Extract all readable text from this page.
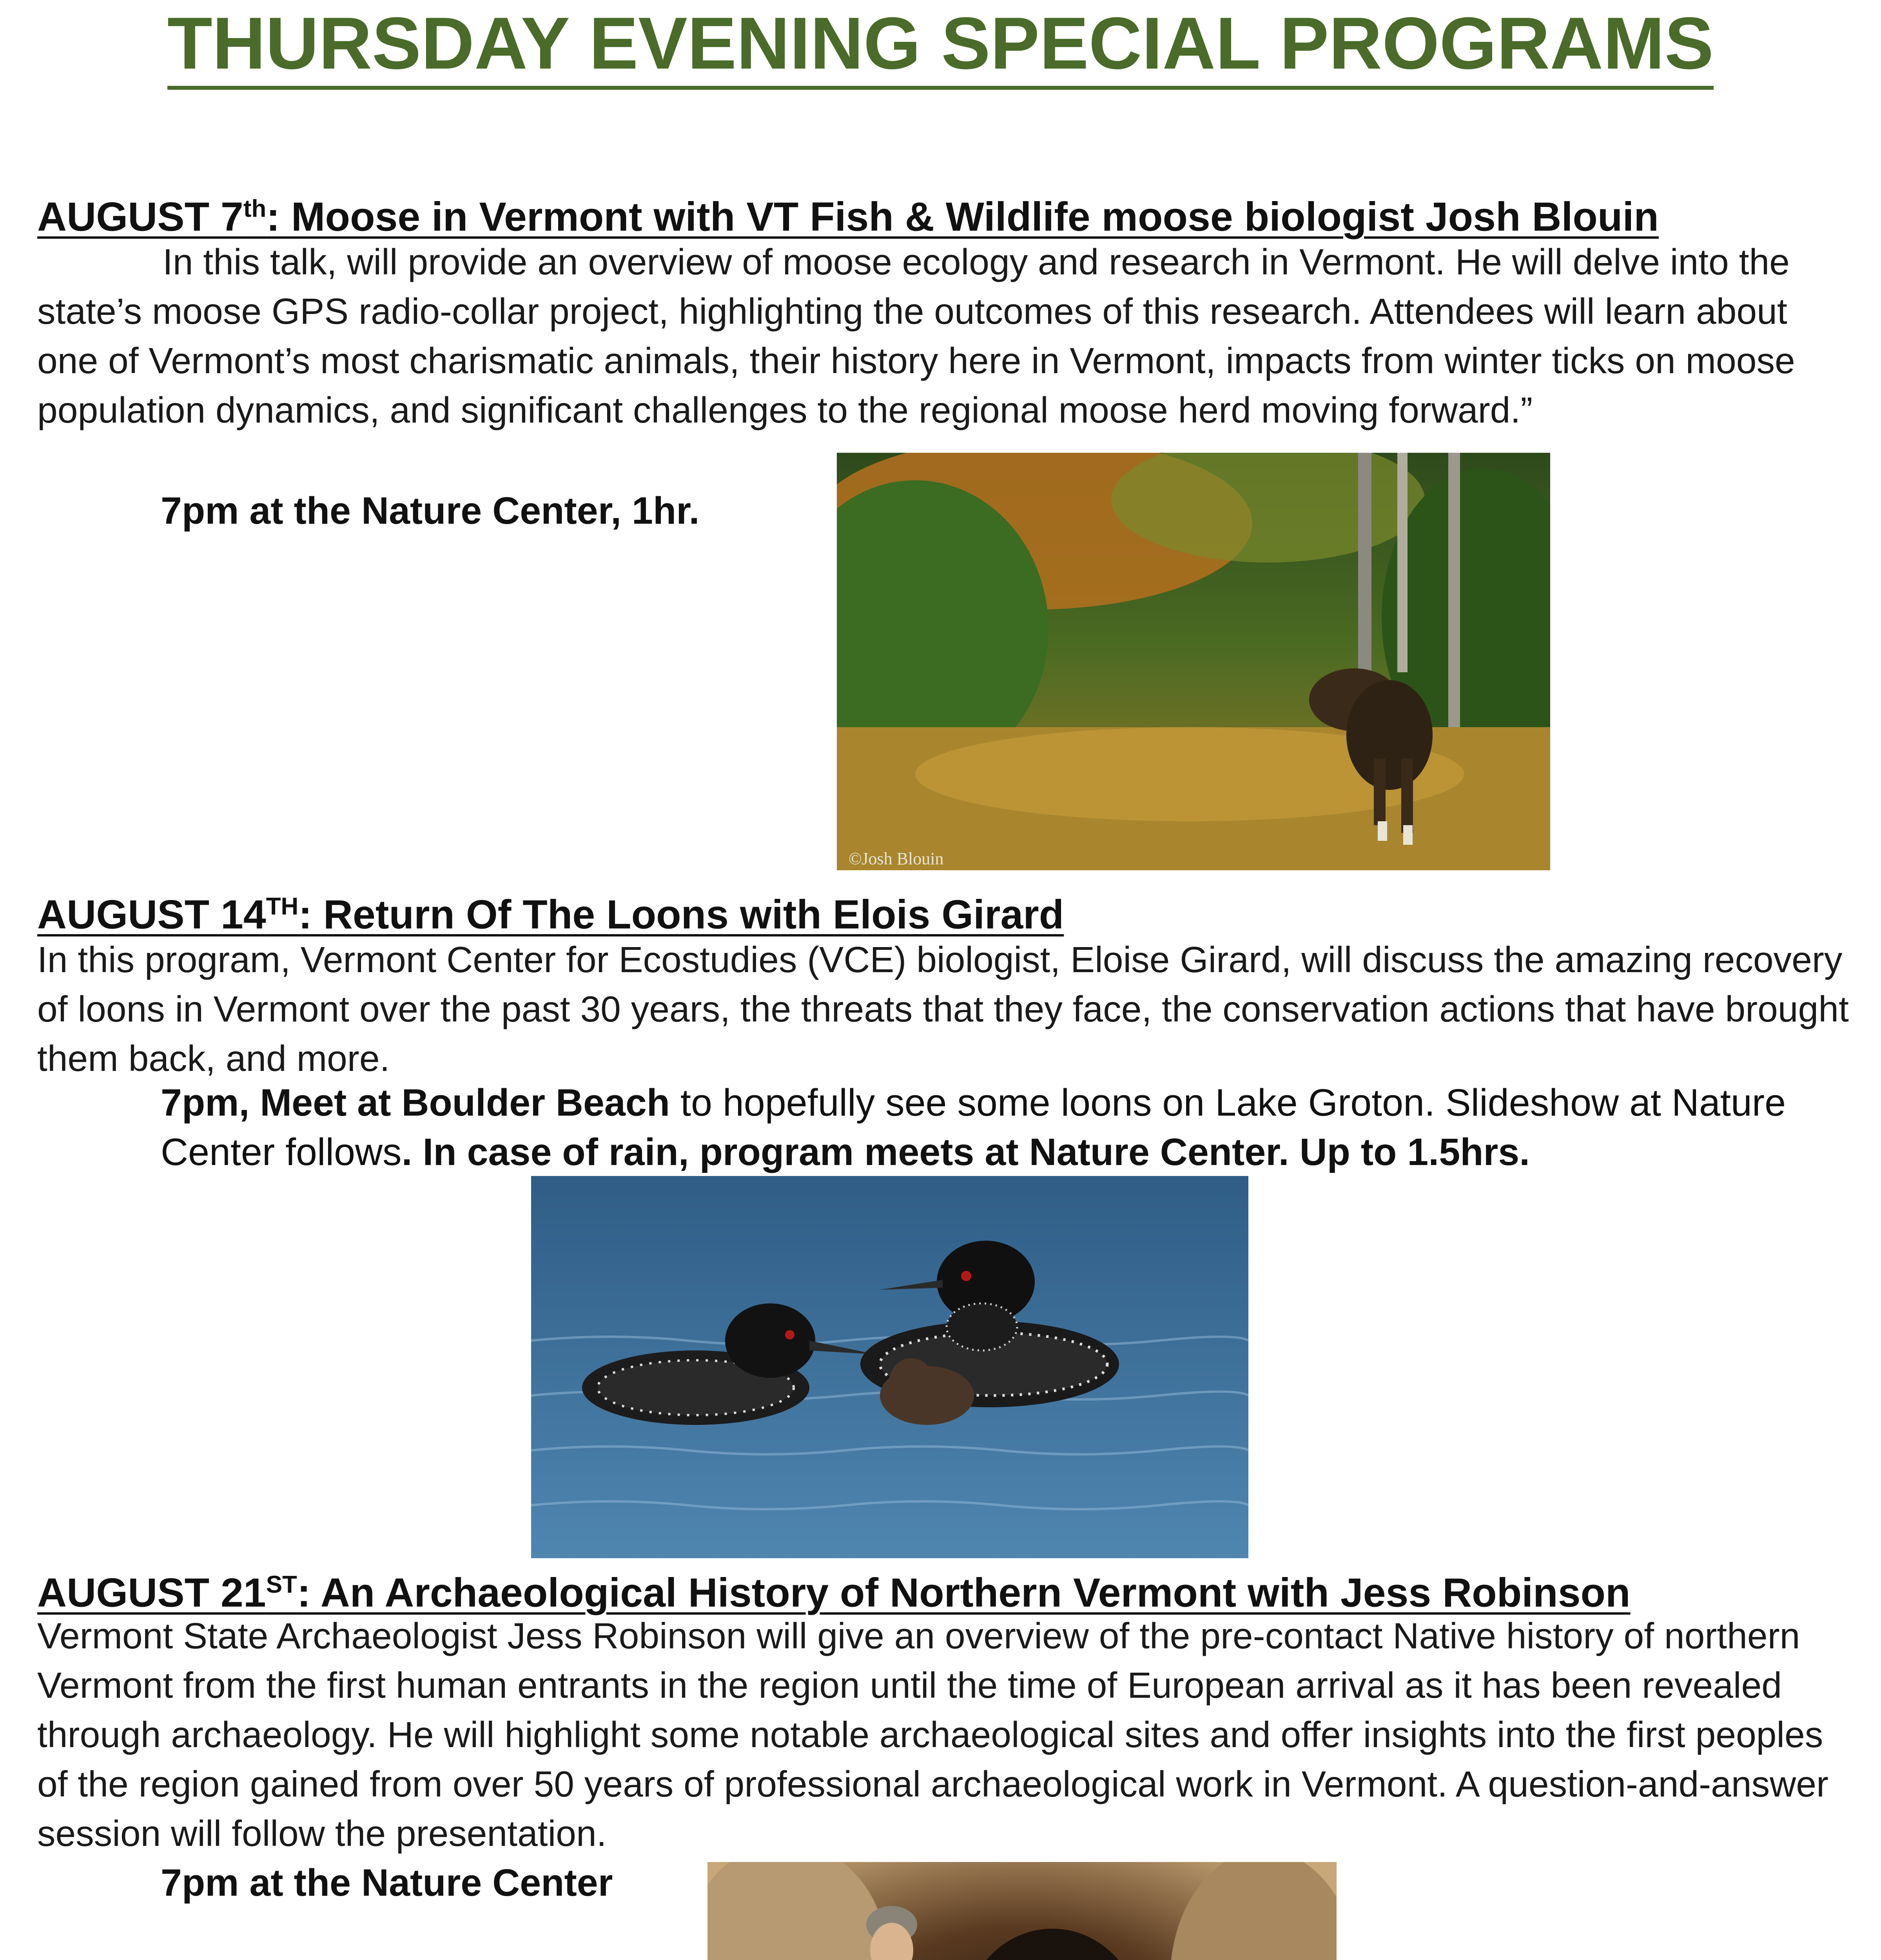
THURSDAY EVENING SPECIAL PROGRAMS
AUGUST 7th: Moose in Vermont with VT Fish & Wildlife moose biologist Josh Blouin
In this talk, will provide an overview of moose ecology and research in Vermont. He will delve into the state’s moose GPS radio-collar project, highlighting the outcomes of this research. Attendees will learn about one of Vermont’s most charismatic animals, their history here in Vermont, impacts from winter ticks on moose population dynamics, and significant challenges to the regional moose herd moving forward.”
7pm at the Nature Center, 1hr.
©Josh Blouin
AUGUST 14TH: Return Of The Loons with Elois Girard
In this program, Vermont Center for Ecostudies (VCE) biologist, Eloise Girard, will discuss the amazing recovery of loons in Vermont over the past 30 years, the threats that they face, the conservation actions that have brought them back, and more.
7pm, Meet at Boulder Beach to hopefully see some loons on Lake Groton. Slideshow at Nature Center follows. In case of rain, program meets at Nature Center. Up to 1.5hrs.
AUGUST 21ST: An Archaeological History of Northern Vermont with Jess Robinson
Vermont State Archaeologist Jess Robinson will give an overview of the pre-contact Native history of northern Vermont from the first human entrants in the region until the time of European arrival as it has been revealed through archaeology. He will highlight some notable archaeological sites and offer insights into the first peoples of the region gained from over 50 years of professional archaeological work in Vermont. A question-and-answer session will follow the presentation.
7pm at the Nature Center
